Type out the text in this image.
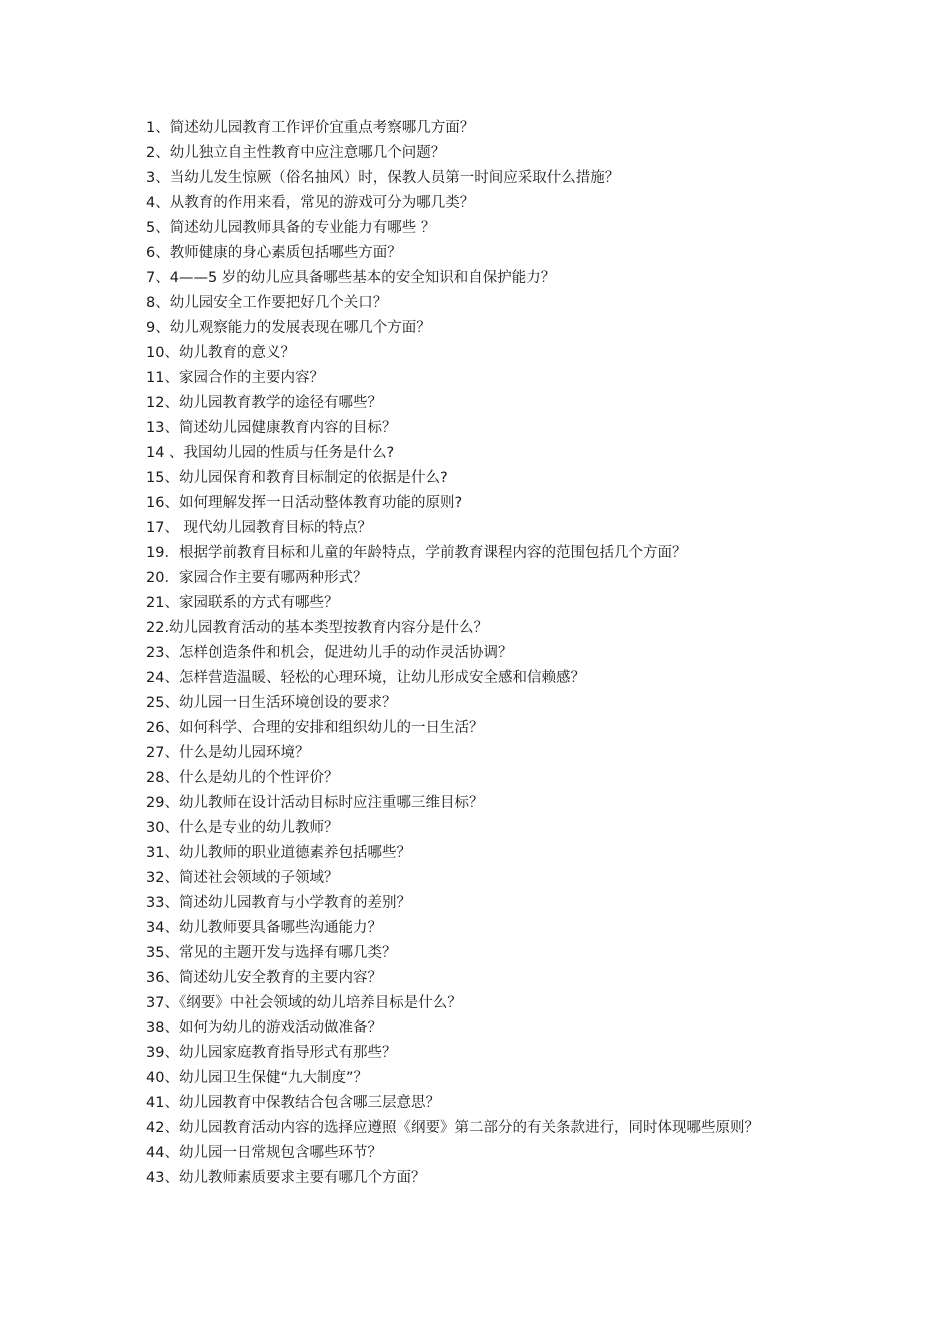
1、简述幼儿园教育工作评价宜重点考察哪几方面？

2、幼儿独立自主性教育中应注意哪几个问题？

3、当幼儿发生惊厥（俗名抽风）时，保教人员第一时间应采取什么措施？

4、从教育的作用来看，常见的游戏可分为哪几类？

5、简述幼儿园教师具备的专业能力有哪些 ？

6、教师健康的身心素质包括哪些方面？

7、4——5 岁的幼儿应具备哪些基本的安全知识和自保护能力？

8、幼儿园安全工作要把好几个关口？

9、幼儿观察能力的发展表现在哪几个方面？

10、幼儿教育的意义？

11、家园合作的主要内容？

12、幼儿园教育教学的途径有哪些？

13、简述幼儿园健康教育内容的目标？

14 、我国幼儿园的性质与任务是什么?

15、幼儿园保育和教育目标制定的依据是什么?

16、如何理解发挥一日活动整体教育功能的原则?

17、 现代幼儿园教育目标的特点？

19．根据学前教育目标和儿童的年龄特点，学前教育课程内容的范围包括几个方面？

20．家园合作主要有哪两种形式？

21、家园联系的方式有哪些？

22.幼儿园教育活动的基本类型按教育内容分是什么？

23、怎样创造条件和机会，促进幼儿手的动作灵活协调？

24、怎样营造温暖、轻松的心理环境，让幼儿形成安全感和信赖感？

25、幼儿园一日生活环境创设的要求？

26、如何科学、合理的安排和组织幼儿的一日生活？

27、什么是幼儿园环境？

28、什么是幼儿的个性评价？

29、幼儿教师在设计活动目标时应注重哪三维目标？

30、什么是专业的幼儿教师？

31、幼儿教师的职业道德素养包括哪些？

32、简述社会领域的子领域？

33、简述幼儿园教育与小学教育的差别？

34、幼儿教师要具备哪些沟通能力？

35、常见的主题开发与选择有哪几类？

36、简述幼儿安全教育的主要内容？

37、《纲要》中社会领域的幼儿培养目标是什么？

38、如何为幼儿的游戏活动做准备？

39、幼儿园家庭教育指导形式有那些？

40、幼儿园卫生保健“九大制度”？

41、幼儿园教育中保教结合包含哪三层意思？

42、幼儿园教育活动内容的选择应遵照《纲要》第二部分的有关条款进行，同时体现哪些原则？

44、幼儿园一日常规包含哪些环节？

43、幼儿教师素质要求主要有哪几个方面？
